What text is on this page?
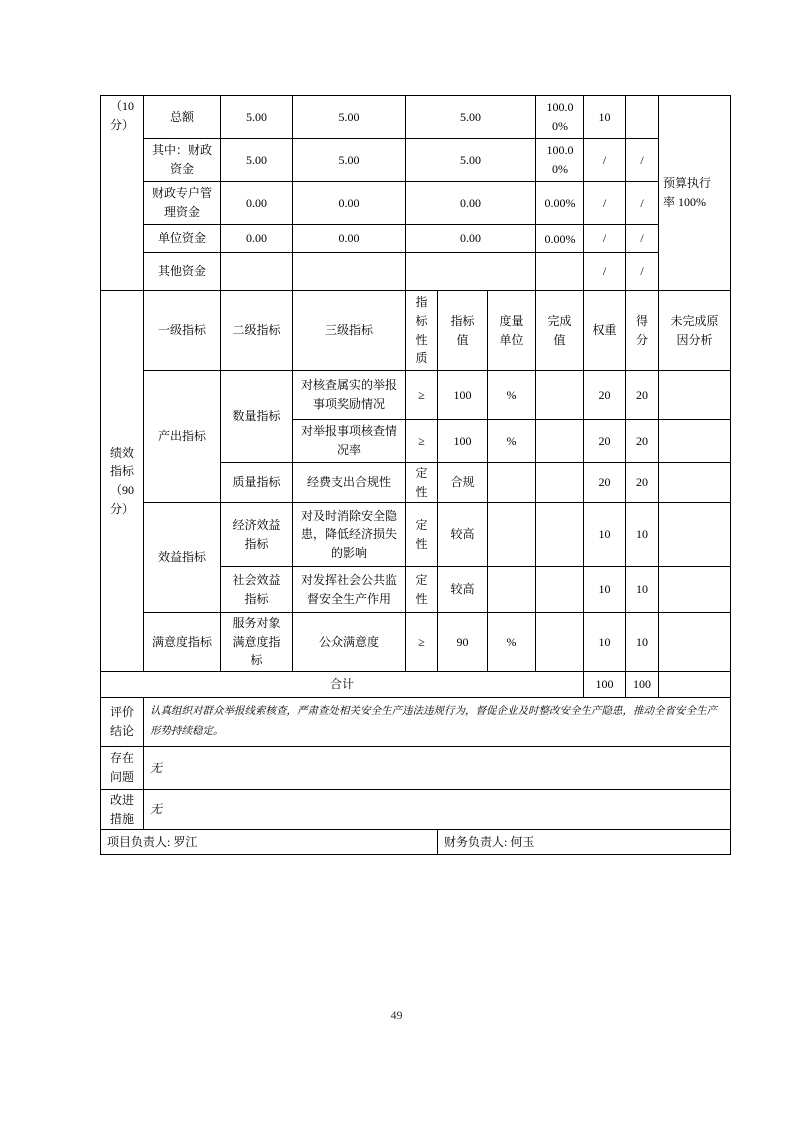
（10 分）	总额	5.00	5.00	5.00			100.00%	10		预算执行率 100%
	其中：财政资金	5.00	5.00	5.00			100.00%	/	/	
	财政专户管理资金	0.00	0.00	0.00			0.00%	/	/	
	单位资金	0.00	0.00	0.00			0.00%	/	/	
	其他资金							/	/	
绩效指标（90分）	一级指标	二级指标	三级指标	指标性质	指标值	度量单位	完成值	权重	得分	未完成原因分析
	产出指标	数量指标	对核查属实的举报事项奖励情况	≥	100	%		20	20	
			对举报事项核查情况率	≥	100	%		20	20	
		质量指标	经费支出合规性	定性	合规			20	20	
	效益指标	经济效益指标	对及时消除安全隐患，降低经济损失的影响	定性	较高			10	10	
		社会效益指标	对发挥社会公共监督安全生产作用	定性	较高			10	10	
	满意度指标	服务对象满意度指标	公众满意度	≥	90	%		10	10	
合计								100	100	
评价结论	认真组织对群众举报线索核查，严肃查处相关安全生产违法违规行为，督促企业及时整改安全生产隐患，推动全省安全生产形势持续稳定。									
存在问题	无									
改进措施	无									
项目负责人: 罗江					财务负责人: 何玉					
49
